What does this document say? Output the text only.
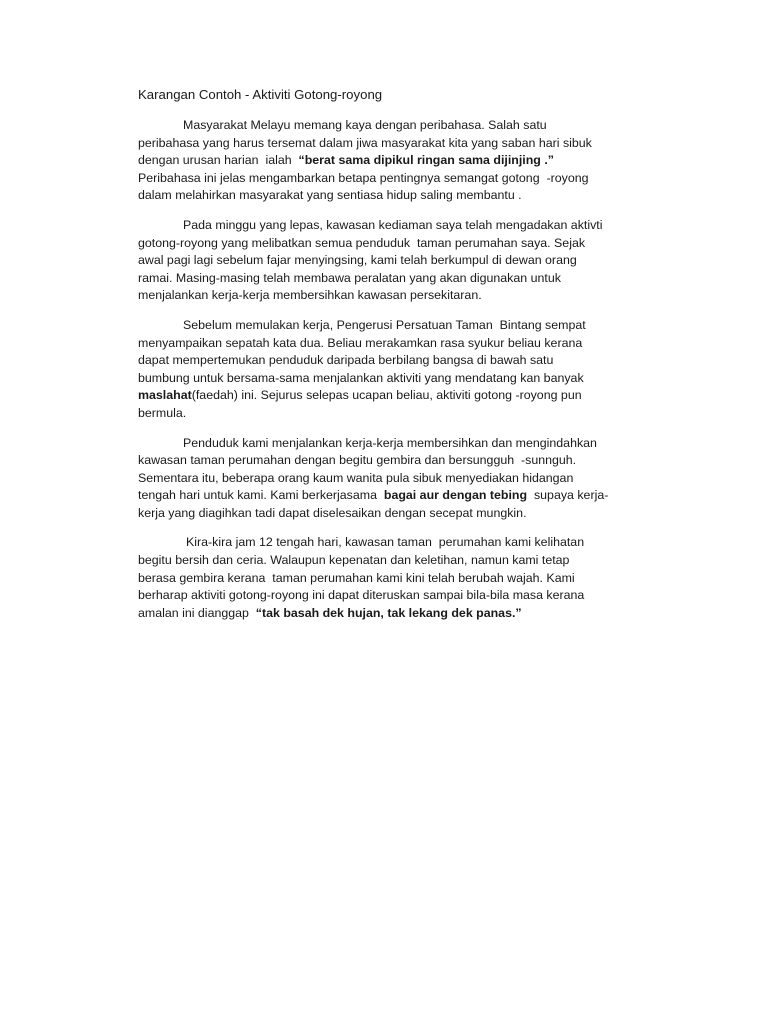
Karangan Contoh - Aktiviti Gotong-royong

Masyarakat Melayu memang kaya dengan peribahasa. Salah satu
peribahasa yang harus tersemat dalam jiwa masyarakat kita yang saban hari sibuk
dengan urusan harian  ialah  “berat sama dipikul ringan sama dijinjing .”
Peribahasa ini jelas mengambarkan betapa pentingnya semangat gotong  -royong
dalam melahirkan masyarakat yang sentiasa hidup saling membantu .

Pada minggu yang lepas, kawasan kediaman saya telah mengadakan aktivti
gotong-royong yang melibatkan semua penduduk  taman perumahan saya. Sejak
awal pagi lagi sebelum fajar menyingsing, kami telah berkumpul di dewan orang
ramai. Masing-masing telah membawa peralatan yang akan digunakan untuk
menjalankan kerja-kerja membersihkan kawasan persekitaran.

Sebelum memulakan kerja, Pengerusi Persatuan Taman  Bintang sempat
menyampaikan sepatah kata dua. Beliau merakamkan rasa syukur beliau kerana
dapat mempertemukan penduduk daripada berbilang bangsa di bawah satu
bumbung untuk bersama-sama menjalankan aktiviti yang mendatang kan banyak
maslahat(faedah) ini. Sejurus selepas ucapan beliau, aktiviti gotong -royong pun
bermula.

Penduduk kami menjalankan kerja-kerja membersihkan dan mengindahkan
kawasan taman perumahan dengan begitu gembira dan bersungguh  -sunnguh.
Sementara itu, beberapa orang kaum wanita pula sibuk menyediakan hidangan
tengah hari untuk kami. Kami berkerjasama  bagai aur dengan tebing  supaya kerja-
kerja yang diagihkan tadi dapat diselesaikan dengan secepat mungkin.

Kira-kira jam 12 tengah hari, kawasan taman  perumahan kami kelihatan
begitu bersih dan ceria. Walaupun kepenatan dan keletihan, namun kami tetap
berasa gembira kerana  taman perumahan kami kini telah berubah wajah. Kami
berharap aktiviti gotong-royong ini dapat diteruskan sampai bila-bila masa kerana
amalan ini dianggap  “tak basah dek hujan, tak lekang dek panas.”
